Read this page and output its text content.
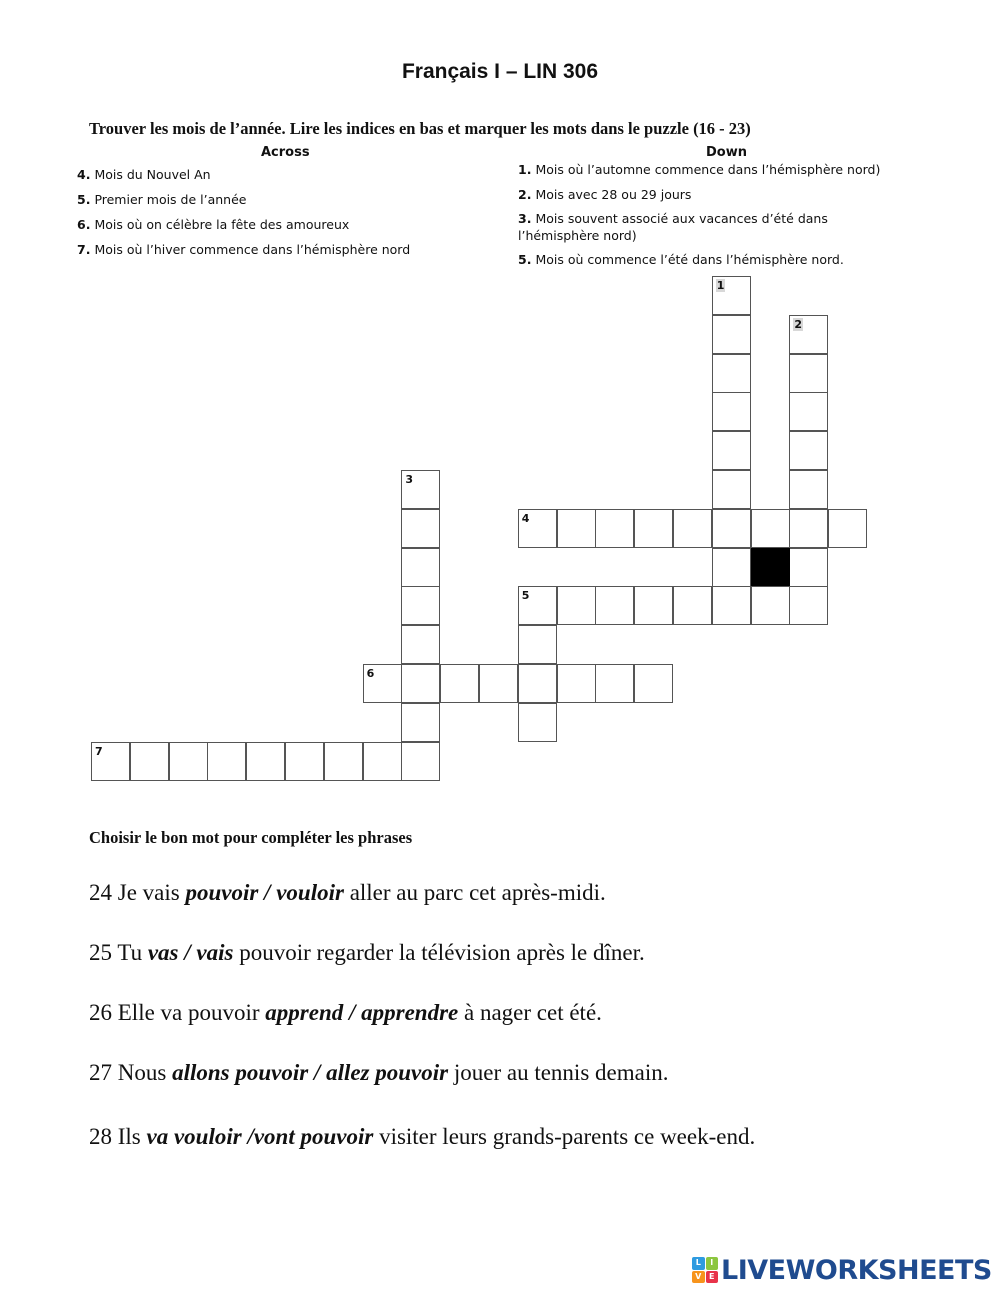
Français I – LIN 306
Trouver les mois de l’année. Lire les indices en bas et marquer les mots dans le puzzle (16 - 23)
Across
4. Mois du Nouvel An
5. Premier mois de l’année
6. Mois où on célèbre la fête des amoureux
7. Mois où l’hiver commence dans l’hémisphère nord
Down
1. Mois où l’automne commence dans l’hémisphère nord)
2. Mois avec 28 ou 29 jours
3. Mois souvent associé aux vacances d’été dans
l’hémisphère nord)
5. Mois où commence l’été dans l’hémisphère nord.
1
2
3
4
5
6
7
Choisir le bon mot pour compléter les phrases
24 Je vais pouvoir / vouloir aller au parc cet après-midi.
25 Tu vas / vais pouvoir regarder la télévision après le dîner.
26 Elle va pouvoir apprend / apprendre à nager cet été.
27 Nous allons pouvoir / allez pouvoir jouer au tennis demain.
28 Ils va vouloir /vont pouvoir visiter leurs grands-parents ce week-end.
L	I
V E LIVEWORKSHEETS
